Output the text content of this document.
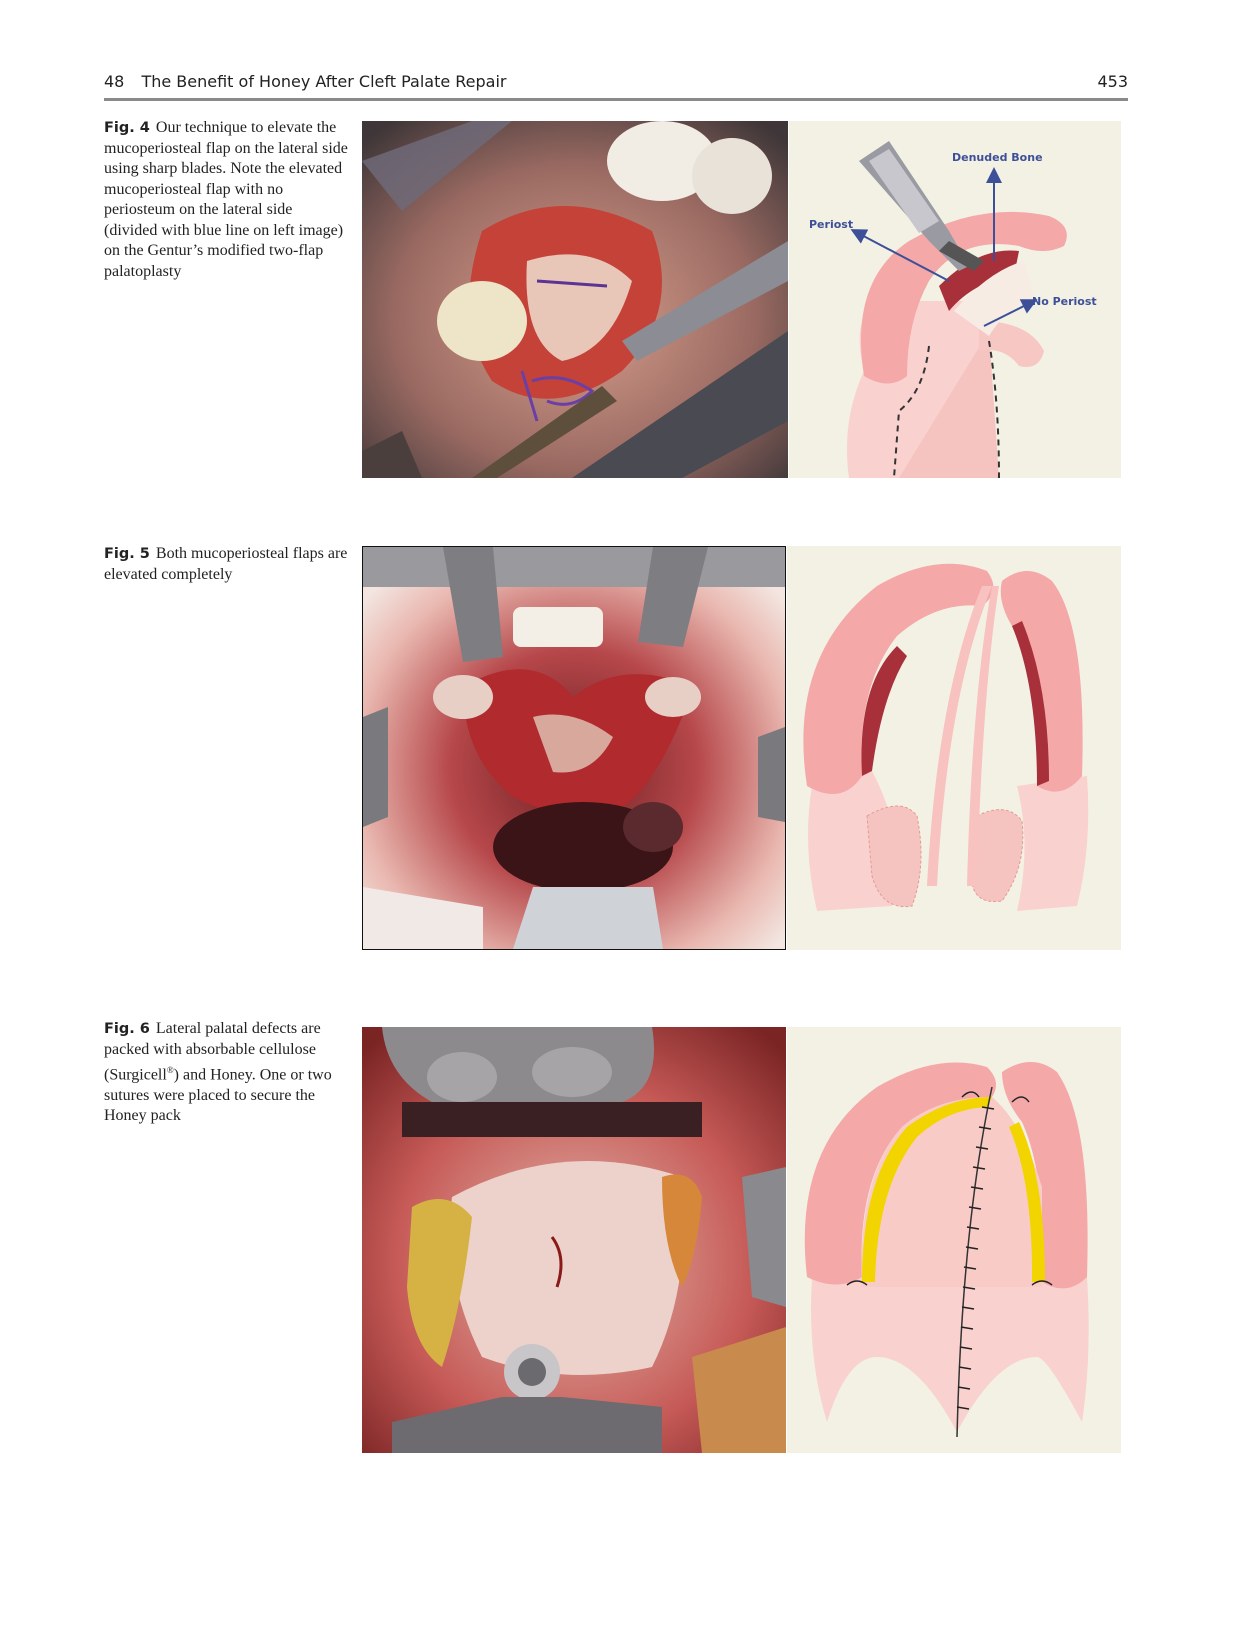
48 The Benefit of Honey After Cleft Palate Repair	453
Fig. 4 Our technique to elevate the mucoperiosteal flap on the lateral side using sharp blades. Note the elevated mucoperiosteal flap with no periosteum on the lateral side (divided with blue line on left image) on the Gentur’s modified two-flap palatoplasty
Denuded Bone
Periost
No Periost
Fig. 5 Both mucoperiosteal flaps are elevated completely
Fig. 6 Lateral palatal defects are packed with absorbable cellulose (Surgicell®) and Honey. One or two sutures were placed to secure the Honey pack
